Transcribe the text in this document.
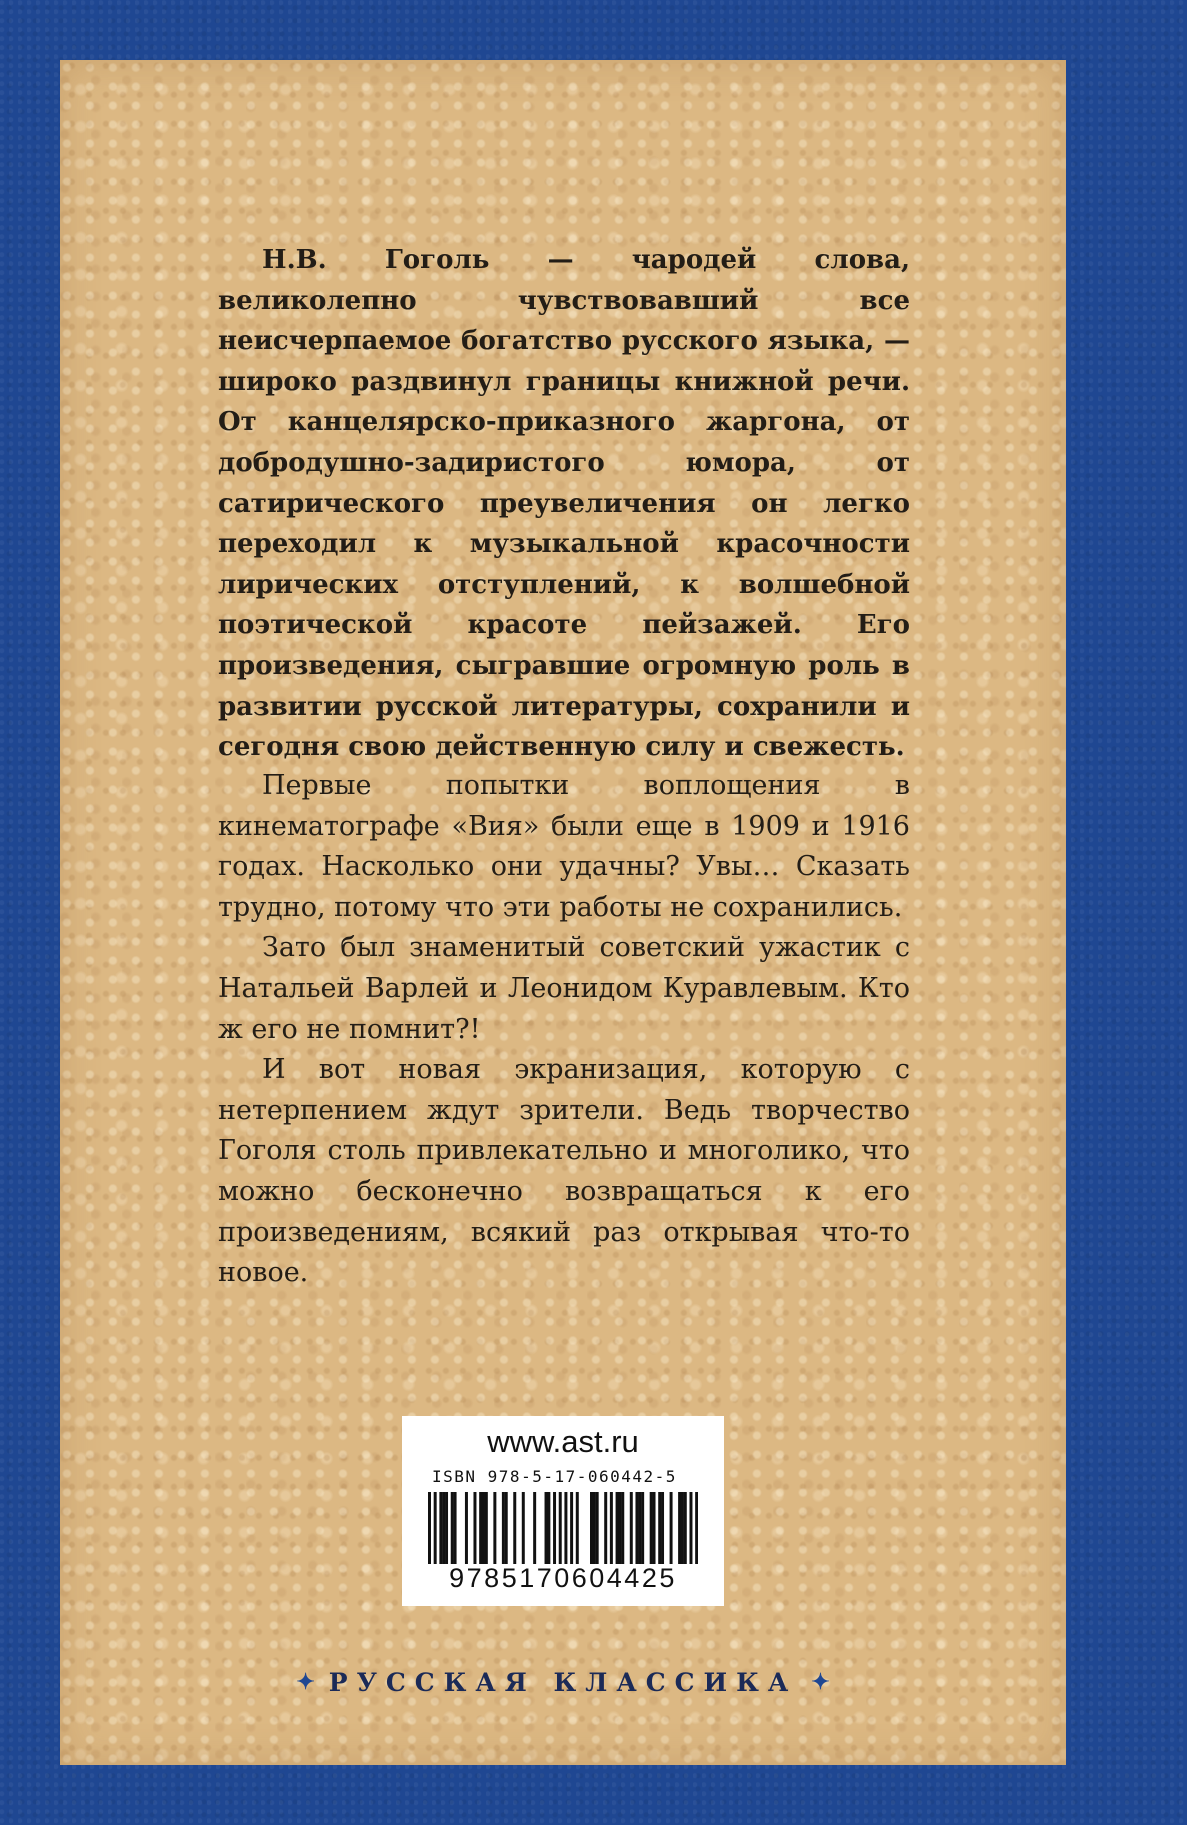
Н.В. Гоголь — чародей слова, великолепно чувствовавший все неисчерпаемое богатство русского языка, — широко раздвинул границы книжной речи. От канцелярско-приказного жаргона, от добродушно-задиристого юмора, от сатирического преувеличения он легко переходил к музыкальной красочности лирических отступлений, к волшебной поэтической красоте пейзажей. Его произведения, сыгравшие огромную роль в развитии русской литературы, сохранили и сегодня свою действенную силу и свежесть.

Первые попытки воплощения в кинематографе «Вия» были еще в 1909 и 1916 годах. Насколько они удачны? Увы… Сказать трудно, потому что эти работы не сохранились.

Зато был знаменитый советский ужастик с Натальей Варлей и Леонидом Куравлевым. Кто ж его не помнит?!

И вот новая экранизация, которую с нетерпением ждут зрители. Ведь творчество Гоголя столь привлекательно и многолико, что можно бесконечно возвращаться к его произведениям, всякий раз открывая что-то новое.

www.ast.ru
ISBN 978-5-17-060442-5
9785170604425
✦ РУССКАЯ КЛАССИКА ✦
